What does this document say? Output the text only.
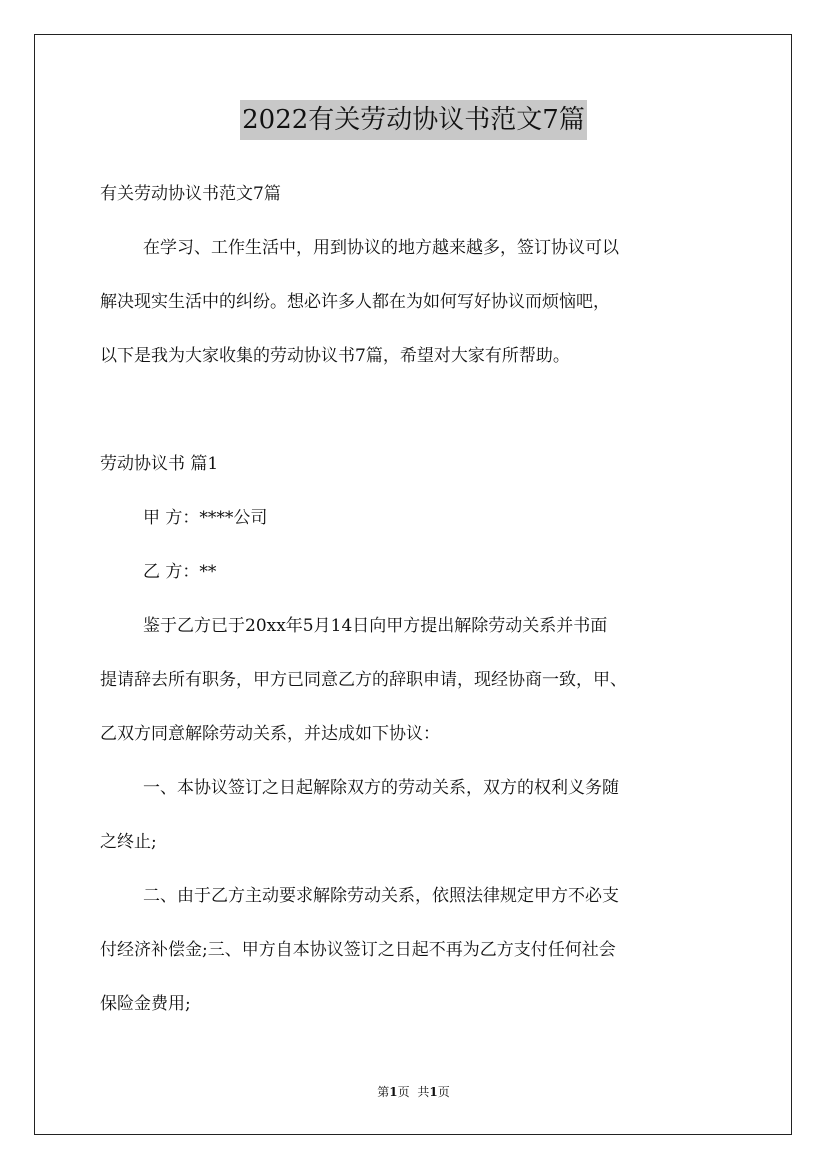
2022有关劳动协议书范文7篇
有关劳动协议书范文7篇
在学习、工作生活中，用到协议的地方越来越多，签订协议可以
解决现实生活中的纠纷。想必许多人都在为如何写好协议而烦恼吧，
以下是我为大家收集的劳动协议书7篇，希望对大家有所帮助。
劳动协议书 篇1
甲 方：****公司
乙 方：**
鉴于乙方已于20xx年5月14日向甲方提出解除劳动关系并书面
提请辞去所有职务，甲方已同意乙方的辞职申请，现经协商一致，甲、
乙双方同意解除劳动关系，并达成如下协议：
一、本协议签订之日起解除双方的劳动关系，双方的权利义务随
之终止;
二、由于乙方主动要求解除劳动关系，依照法律规定甲方不必支
付经济补偿金;三、甲方自本协议签订之日起不再为乙方支付任何社会
保险金费用;
第1页 共1页
